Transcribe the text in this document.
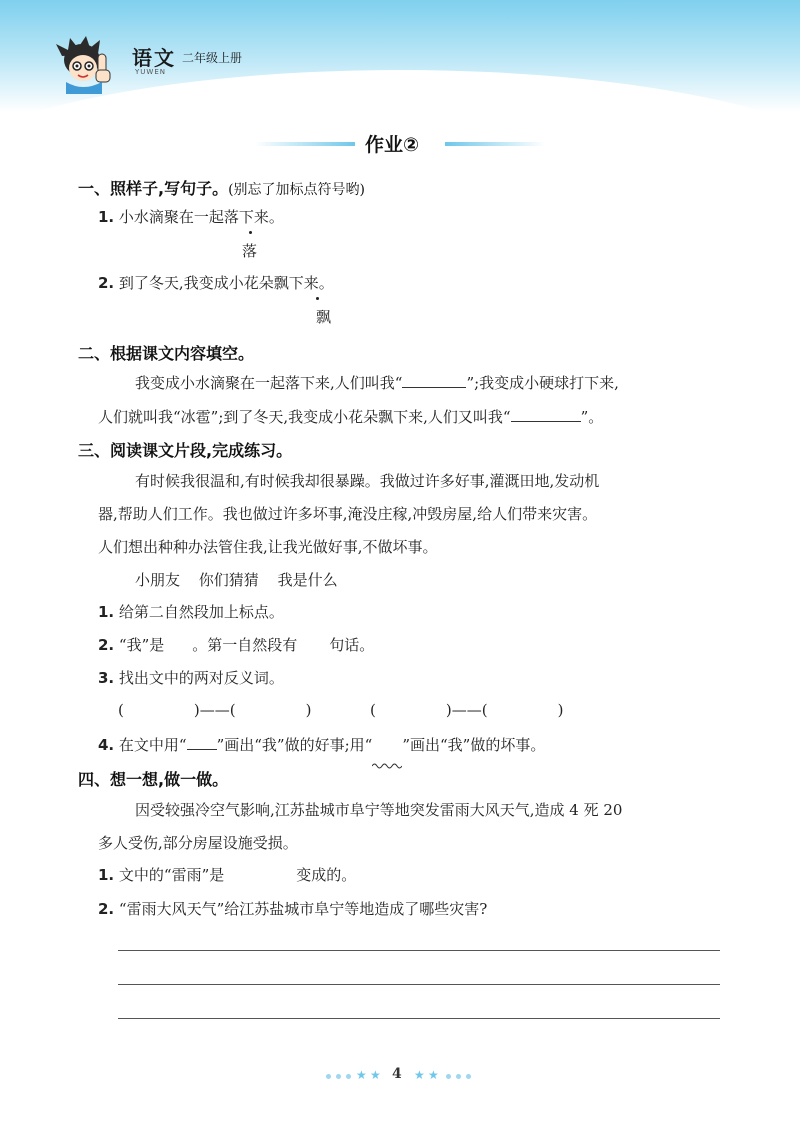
语文
YUWEN
二年级上册
作业②
一、照样子,写句子。(别忘了加标点符号哟)
1. 小水滴聚在一起落下来。
落
2. 到了冬天,我变成小花朵飘下来。
飘
二、根据课文内容填空。
我变成小水滴聚在一起落下来,人们叫我“	”;我变成小硬球打下来,
人们就叫我“冰雹”;到了冬天,我变成小花朵飘下来,人们又叫我“	”。
三、阅读课文片段,完成练习。
有时候我很温和,有时候我却很暴躁。我做过许多好事,灌溉田地,发动机
器,帮助人们工作。我也做过许多坏事,淹没庄稼,冲毁房屋,给人们带来灾害。
人们想出种种办法管住我,让我光做好事,不做坏事。
小朋友 你们猜猜 我是什么
1. 给第二自然段加上标点。
2. “我”是 。第一自然段有 句话。
3. 找出文中的两对反义词。
(	)——(	)	(	)——(	)
4. 在文中用“ ”画出“我”做的好事;用“ ”画出“我”做的坏事。
四、想一想,做一做。
因受较强冷空气影响,江苏盐城市阜宁等地突发雷雨大风天气,造成 4 死 20
多人受伤,部分房屋设施受损。
1. 文中的“雷雨”是	变成的。
2. “雷雨大风天气”给江苏盐城市阜宁等地造成了哪些灾害?
★ ★ 4 ★ ★
